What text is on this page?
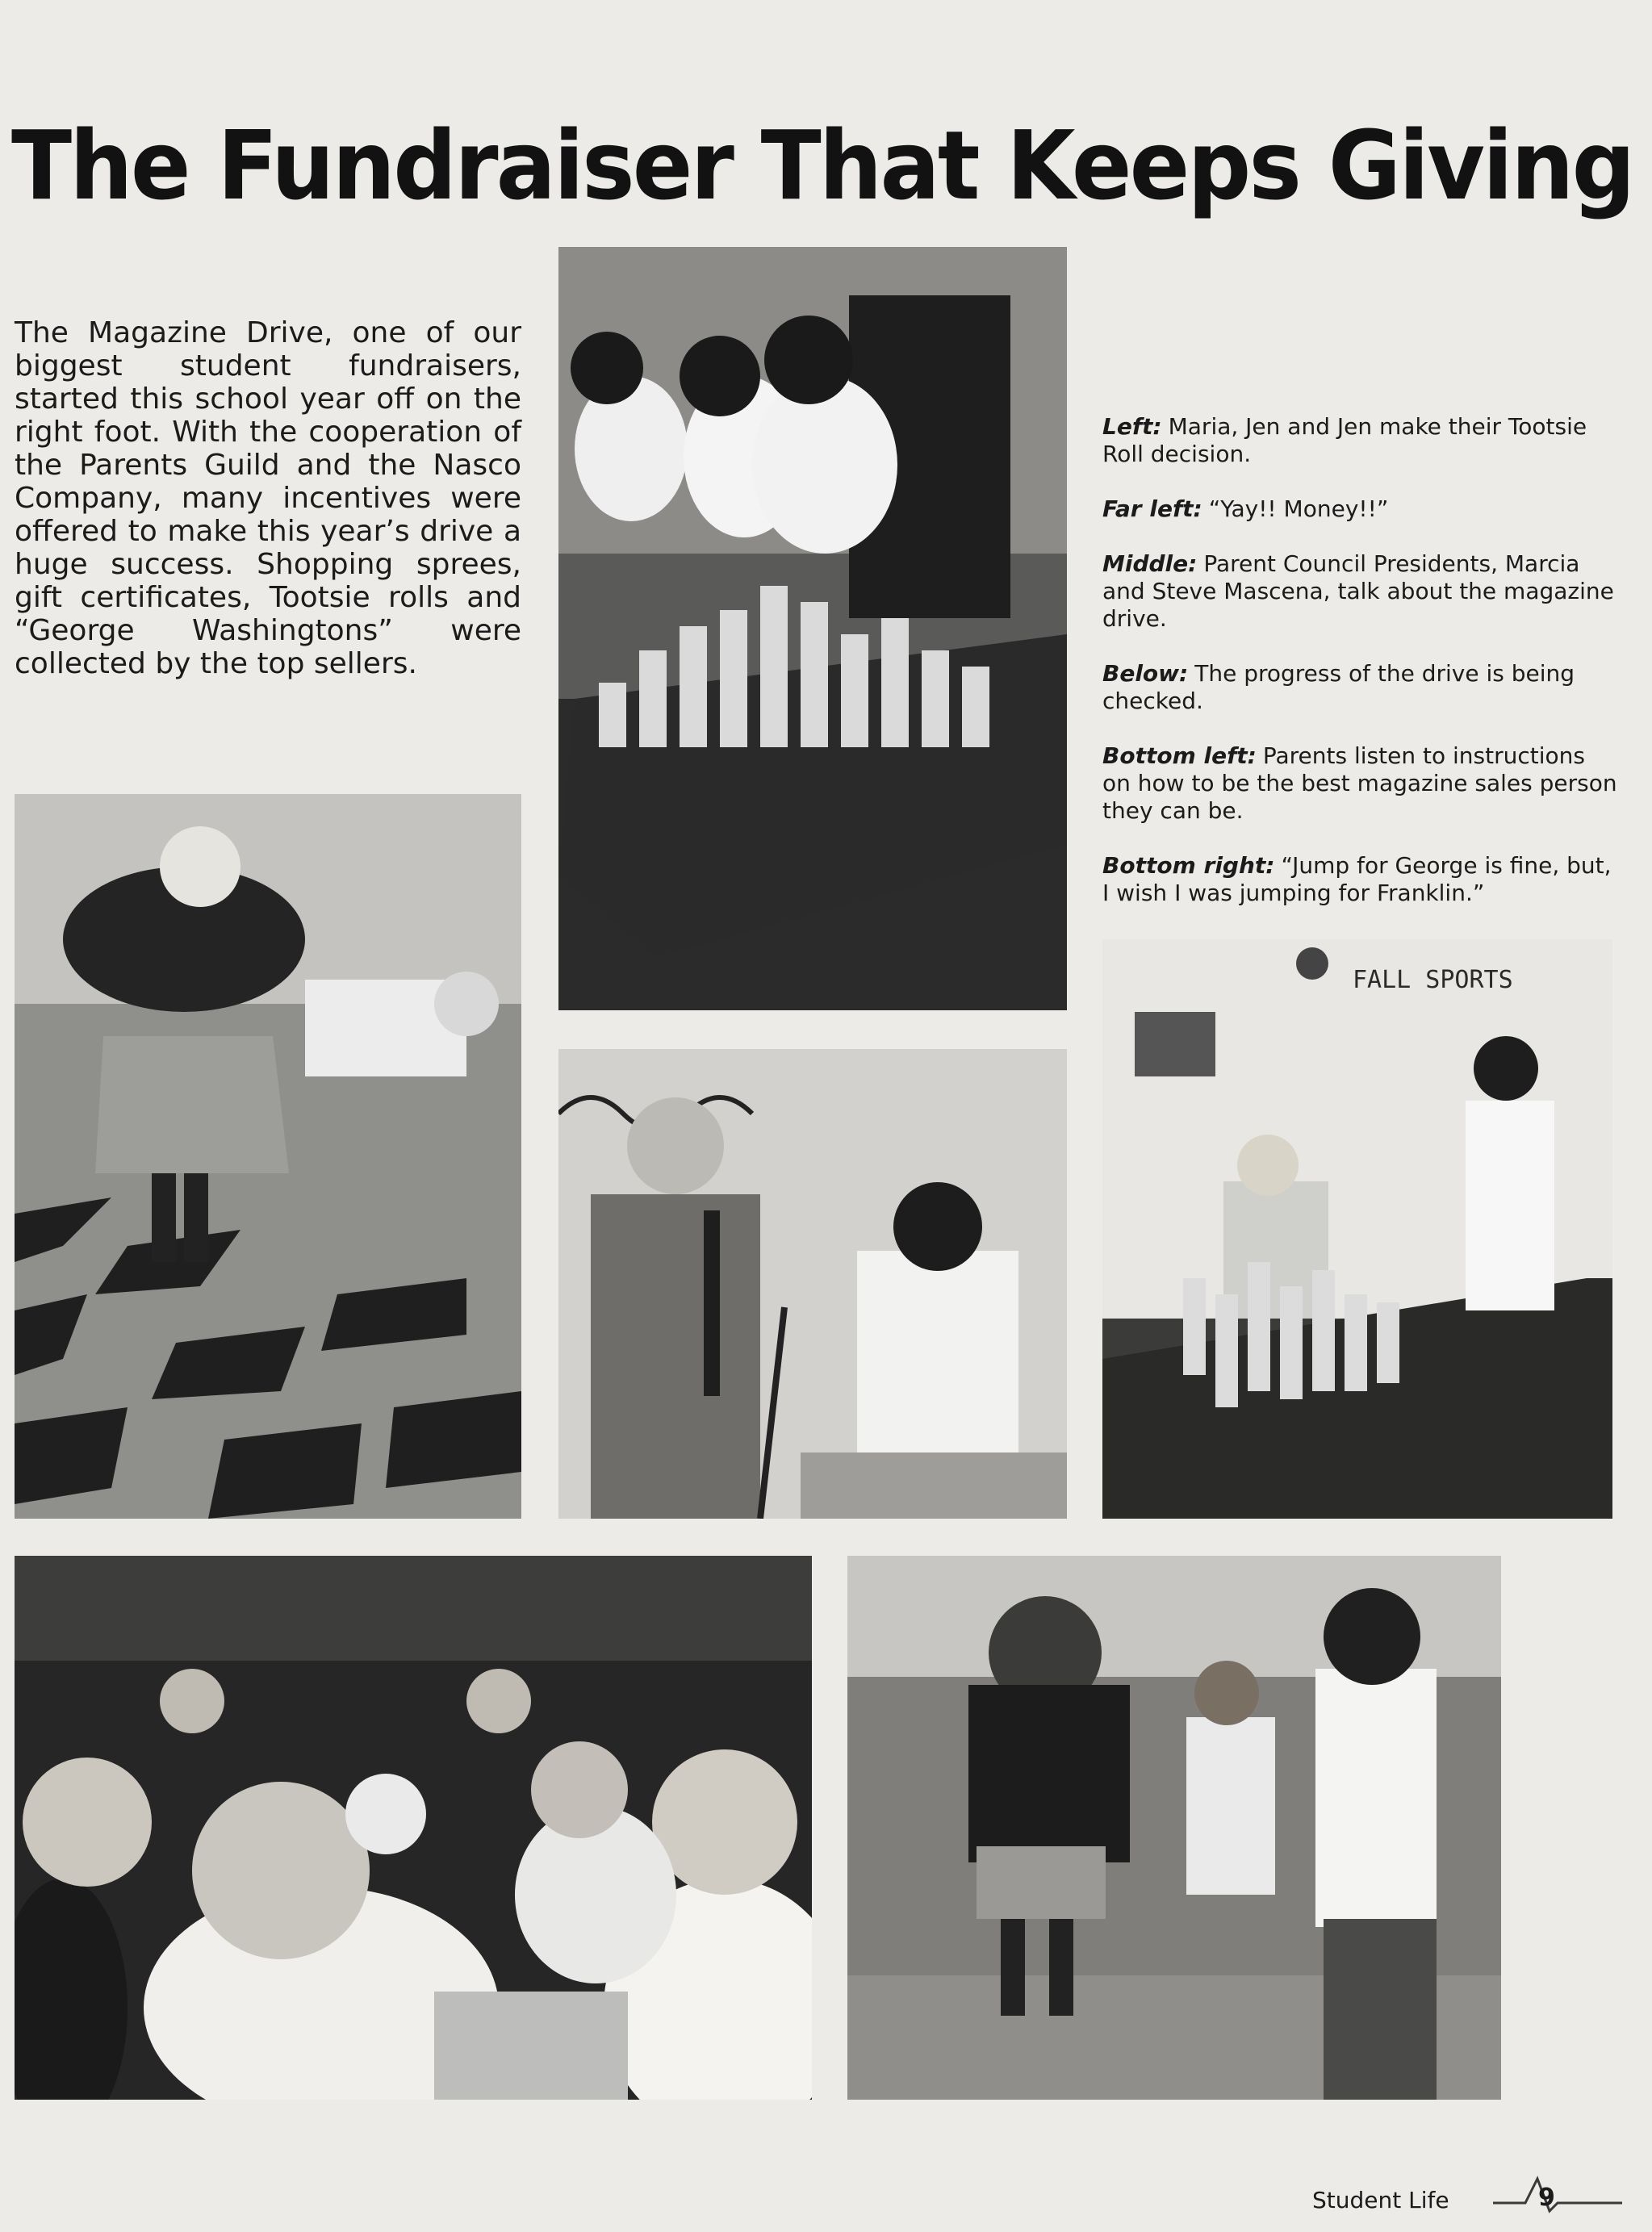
The Fundraiser That Keeps Giving

The Magazine Drive, one of our biggest student fundraisers, started this school year off on the right foot. With the cooperation of the Parents Guild and the Nasco Company, many incentives were offered to make this year’s drive a huge success. Shopping sprees, gift certificates, Tootsie rolls and “George Washingtons” were collected by the top sellers.

FALL SPORTS

Left: Maria, Jen and Jen make their Tootsie Roll decision.

Far left: “Yay!! Money!!”

Middle: Parent Council Presidents, Marcia and Steve Mascena, talk about the magazine drive.

Below: The progress of the drive is being checked.

Bottom left: Parents listen to instructions on how to be the best magazine sales person they can be.

Bottom right: “Jump for George is fine, but, I wish I was jumping for Franklin.”

Student Life	9
